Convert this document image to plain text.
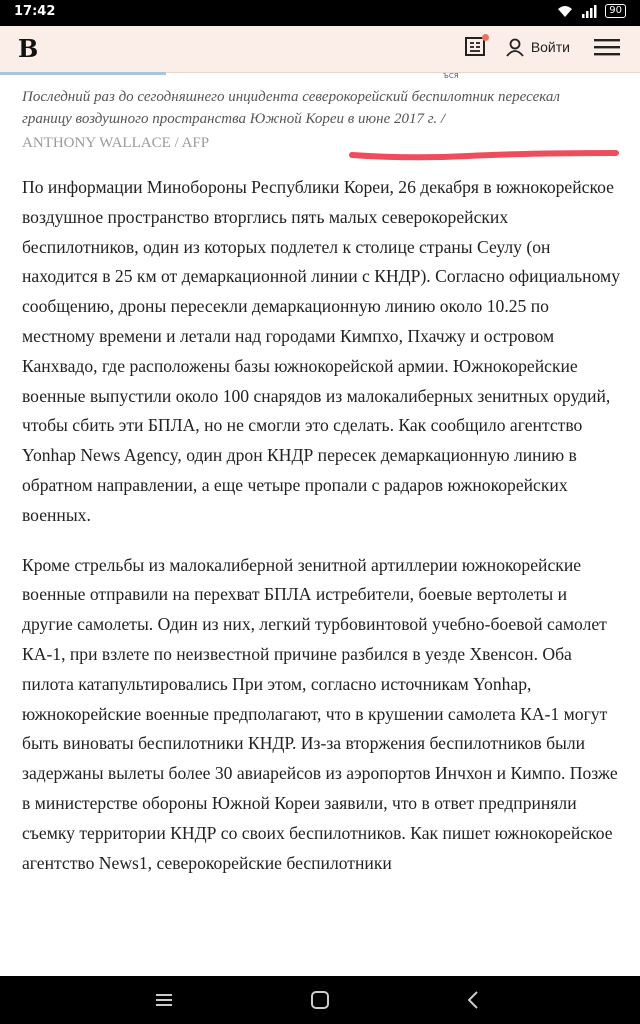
17:42	90
B	Войти
ЪСЯ
Последний раз до сегодняшнего инцидента северокорейский беспилотник пересекал границу воздушного пространства Южной Кореи в июне 2017 г. /
ANTHONY WALLACE / AFP

По информации Минобороны Республики Кореи, 26 декабря в южнокорейское воздушное пространство вторглись пять малых северокорейских беспилотников, один из которых подлетел к столице страны Сеулу (он находится в 25 км от демаркационной линии с КНДР). Согласно официальному сообщению, дроны пересекли демаркационную линию около 10.25 по местному времени и летали над городами Кимпхо, Пхачжу и островом Канхвадо, где расположены базы южнокорейской армии. Южнокорейские военные выпустили около 100 снарядов из малокалиберных зенитных орудий, чтобы сбить эти БПЛА, но не смогли это сделать. Как сообщило агентство Yonhap News Agency, один дрон КНДР пересек демаркационную линию в обратном направлении, а еще четыре пропали с радаров южнокорейских военных.

Кроме стрельбы из малокалиберной зенитной артиллерии южнокорейские военные отправили на перехват БПЛА истребители, боевые вертолеты и другие самолеты. Один из них, легкий турбовинтовой учебно-боевой самолет КА-1, при взлете по неизвестной причине разбился в уезде Хвенсон. Оба пилота катапультировались При этом, согласно источникам Yonhap, южнокорейские военные предполагают, что в крушении самолета КА-1 могут быть виноваты беспилотники КНДР. Из-за вторжения беспилотников были задержаны вылеты более 30 авиарейсов из аэропортов Инчхон и Кимпо. Позже в министерстве обороны Южной Кореи заявили, что в ответ предприняли съемку территории КНДР со своих беспилотников. Как пишет южнокорейское агентство News1, северокорейские беспилотники
